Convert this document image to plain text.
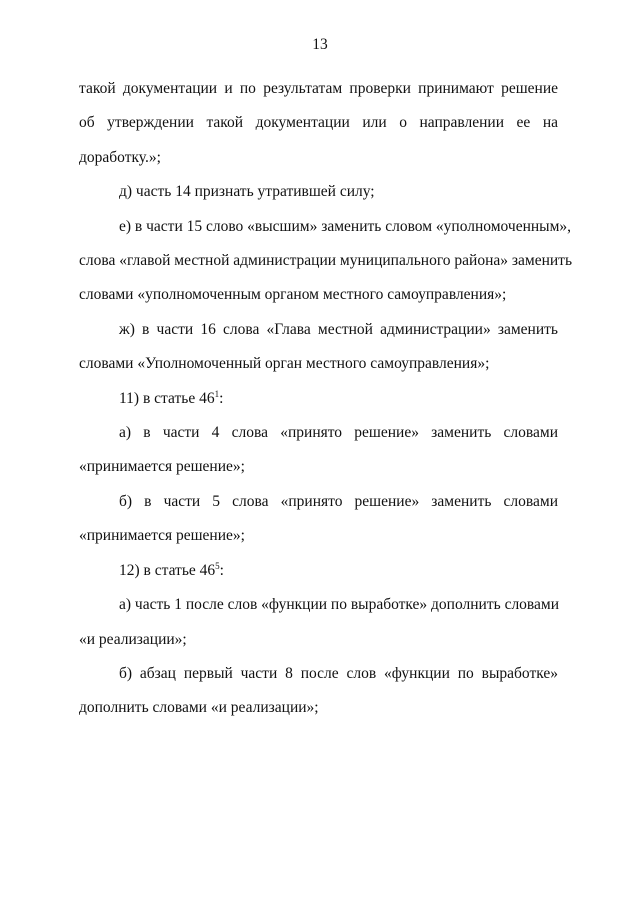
13
такой документации и по результатам проверки принимают решение
об утверждении такой документации или о направлении ее на
доработку.»;
д) часть 14 признать утратившей силу;
е) в части 15 слово «высшим» заменить словом «уполномоченным»,
слова «главой местной администрации муниципального района» заменить
словами «уполномоченным органом местного самоуправления»;
ж) в части 16 слова «Глава местной администрации» заменить
словами «Уполномоченный орган местного самоуправления»;
11) в статье $46^1$:
а) в части 4 слова «принято решение» заменить словами
«принимается решение»;
б) в части 5 слова «принято решение» заменить словами
«принимается решение»;
12) в статье $46^5$:
а) часть 1 после слов «функции по выработке» дополнить словами
«и реализации»;
б) абзац первый части 8 после слов «функции по выработке»
дополнить словами «и реализации»;
